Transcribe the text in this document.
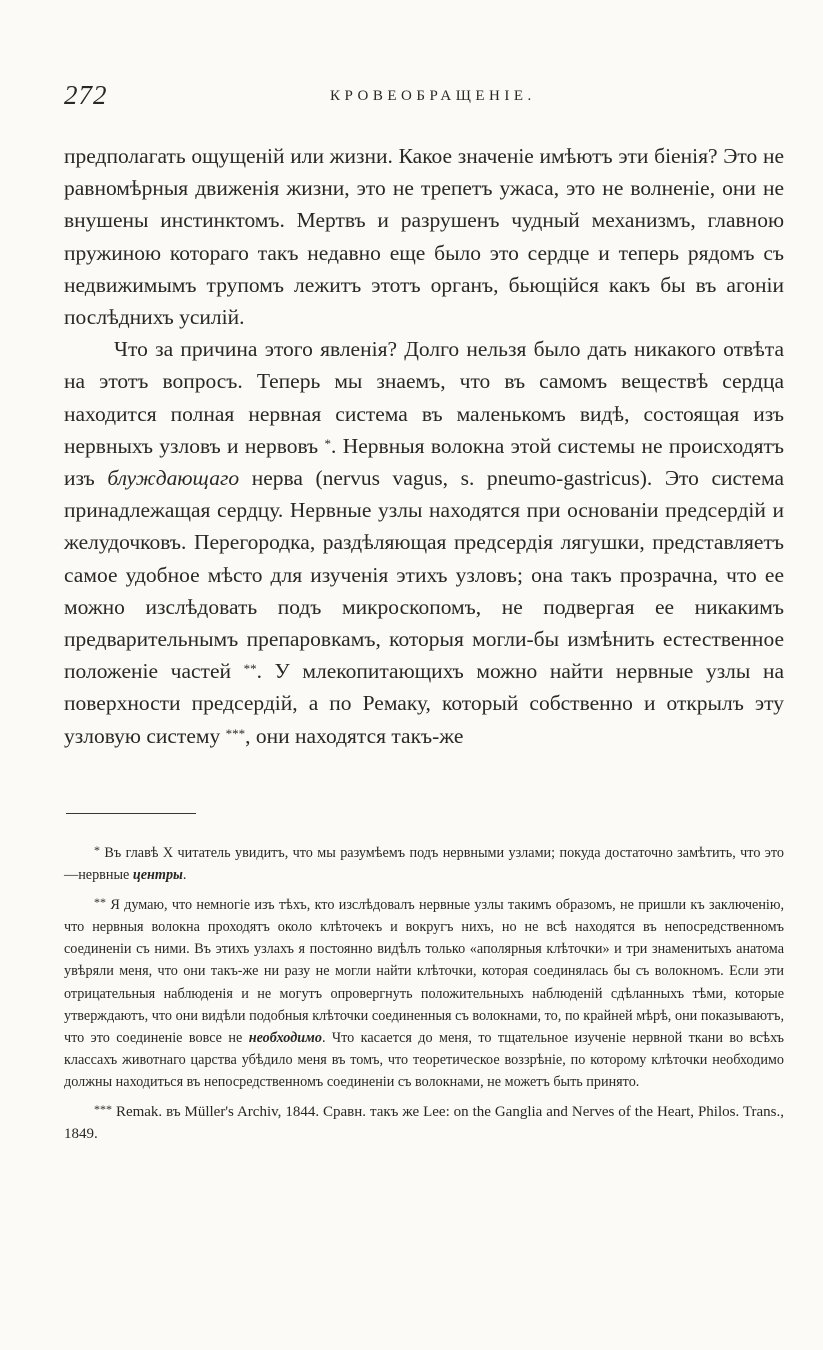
272	КРОВЕОБРАЩЕНІЕ.

предполагать ощущеній или жизни. Какое значеніе имѣютъ эти біенія? Это не равномѣрныя движенія жизни, это не трепетъ ужаса, это не волненіе, они не внушены инстинктомъ. Мертвъ и разрушенъ чудный механизмъ, главною пружиною котораго такъ недавно еще было это сердце и теперь рядомъ съ недвижимымъ трупомъ лежитъ этотъ органъ, бьющійся какъ бы въ агоніи послѣднихъ усилій.

Что за причина этого явленія? Долго нельзя было дать никакого отвѣта на этотъ вопросъ. Теперь мы знаемъ, что въ самомъ веществѣ сердца находится полная нервная система въ маленькомъ видѣ, состоящая изъ нервныхъ узловъ и нервовъ *. Нервныя волокна этой системы не происходятъ изъ блуждающаго нерва (nervus vagus, s. pneumo-gastricus). Это система принадлежащая сердцу. Нервные узлы находятся при основаніи предсердій и желудочковъ. Перегородка, раздѣляющая предсердія лягушки, представляетъ самое удобное мѣсто для изученія этихъ узловъ; она такъ прозрачна, что ее можно изслѣдовать подъ микроскопомъ, не подвергая ее никакимъ предварительнымъ препаровкамъ, которыя могли-бы измѣнить естественное положеніе частей **. У млекопитающихъ можно найти нервные узлы на поверхности предсердій, а по Ремаку, который собственно и открылъ эту узловую систему ***, они находятся такъ-же

* Въ главѣ X читатель увидитъ, что мы разумѣемъ подъ нервными узлами; покуда достаточно замѣтить, что это—нервные центры.

** Я думаю, что немногіе изъ тѣхъ, кто изслѣдовалъ нервные узлы такимъ образомъ, не пришли къ заключенію, что нервныя волокна проходятъ около клѣточекъ и вокругъ нихъ, но не всѣ находятся въ непосредственномъ соединеніи съ ними. Въ этихъ узлахъ я постоянно видѣлъ только «аполярныя клѣточки» и три знаменитыхъ анатома увѣряли меня, что они такъ-же ни разу не могли найти клѣточки, которая соединялась бы съ волокномъ. Если эти отрицательныя наблюденія и не могутъ опровергнуть положительныхъ наблюденій сдѣланныхъ тѣми, которые утверждаютъ, что они видѣли подобныя клѣточки соединенныя съ волокнами, то, по крайней мѣрѣ, они показываютъ, что это соединеніе вовсе не необходимо. Что касается до меня, то тщательное изученіе нервной ткани во всѣхъ классахъ животнаго царства убѣдило меня въ томъ, что теоретическое воззрѣніе, по которому клѣточки необходимо должны находиться въ непосредственномъ соединеніи съ волокнами, не можетъ быть принято.

*** Remak. въ Müller's Archiv, 1844. Сравн. такъ же Lee: on the Ganglia and Nerves of the Heart, Philos. Trans., 1849.
